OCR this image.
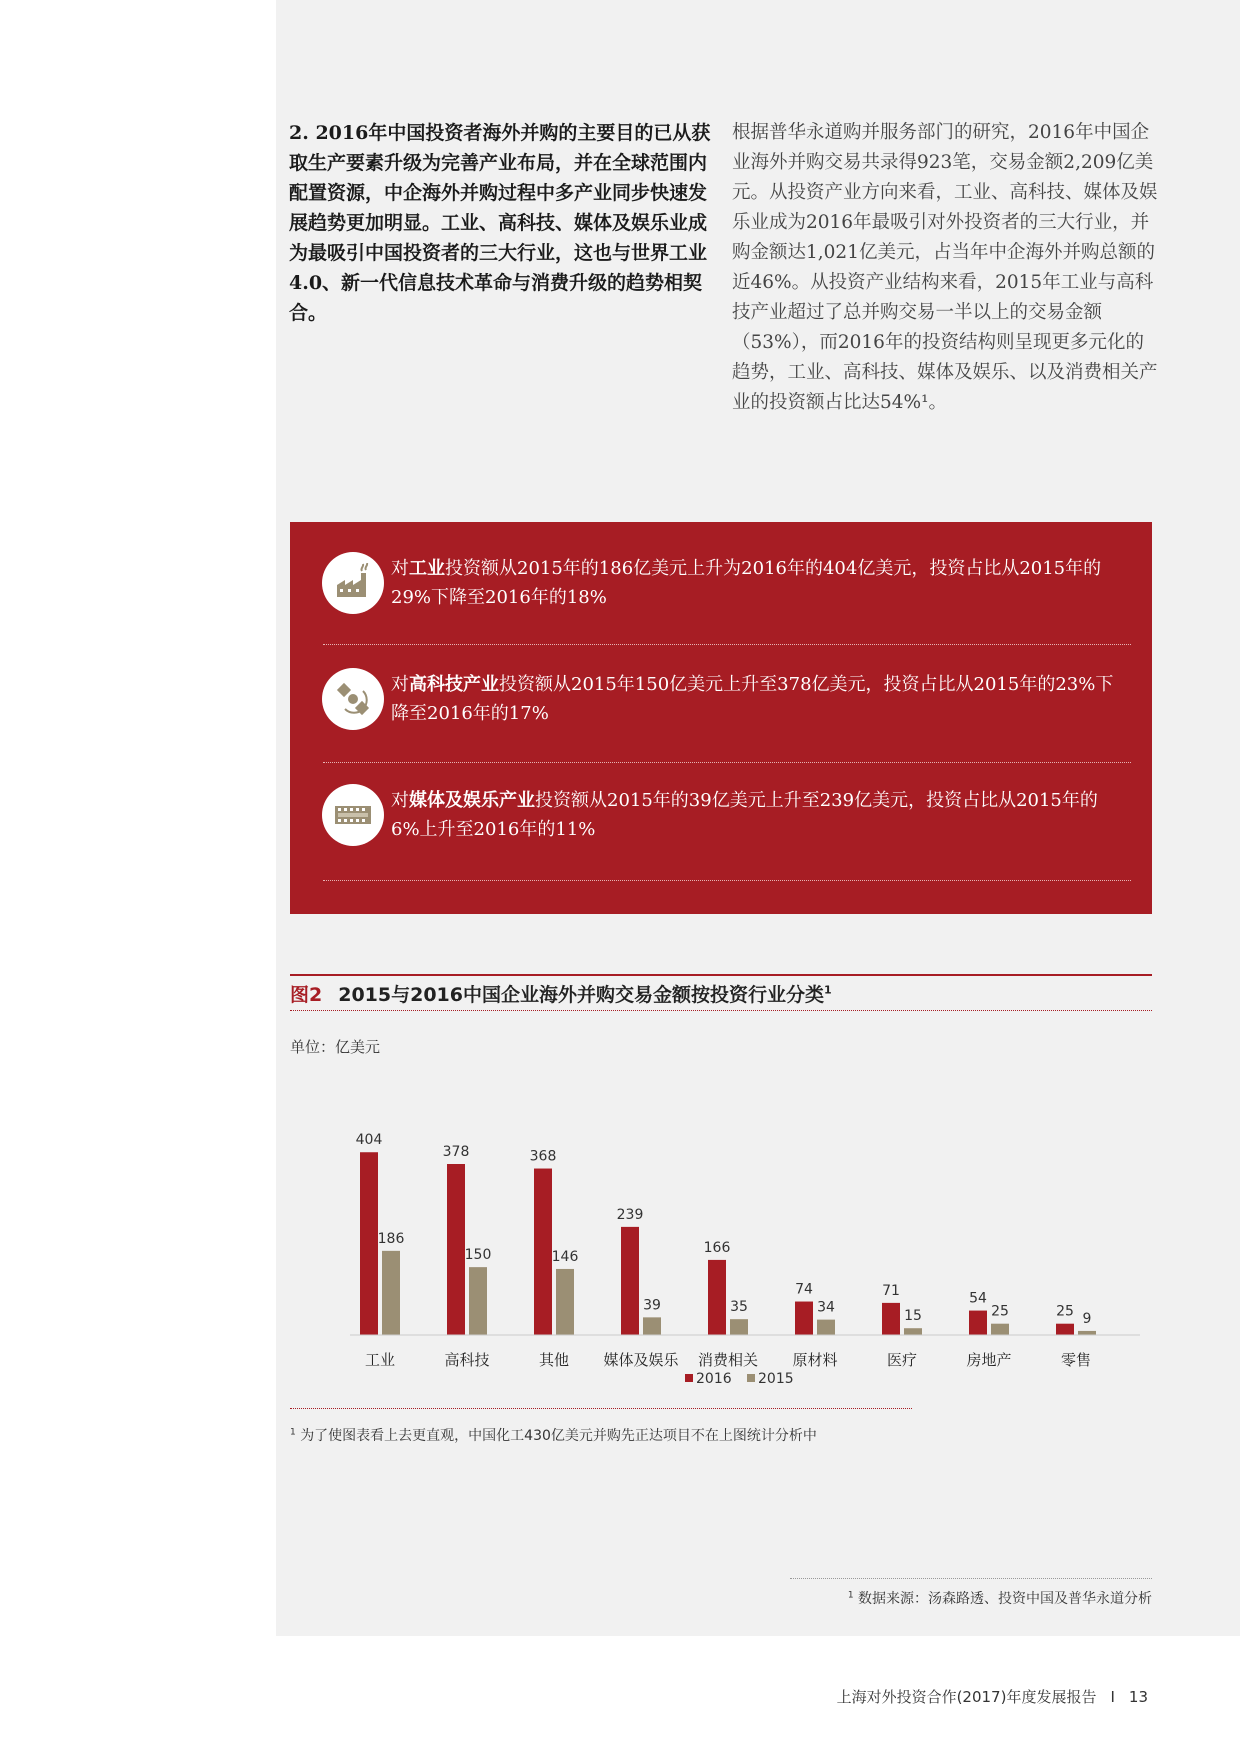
2. 2016年中国投资者海外并购的主要目的已从获取生产要素升级为完善产业布局，并在全球范围内配置资源，中企海外并购过程中多产业同步快速发展趋势更加明显。工业、高科技、媒体及娱乐业成为最吸引中国投资者的三大行业，这也与世界工业4.0、新一代信息技术革命与消费升级的趋势相契合。

根据普华永道购并服务部门的研究，2016年中国企业海外并购交易共录得923笔，交易金额2,209亿美元。从投资产业方向来看，工业、高科技、媒体及娱乐业成为2016年最吸引对外投资者的三大行业，并购金额达1,021亿美元，占当年中企海外并购总额的近46%。从投资产业结构来看，2015年工业与高科技产业超过了总并购交易一半以上的交易金额（53%），而2016年的投资结构则呈现更多元化的趋势，工业、高科技、媒体及娱乐、以及消费相关产业的投资额占比达54%¹。

对工业投资额从2015年的186亿美元上升为2016年的404亿美元，投资占比从2015年的29%下降至2016年的18%
对高科技产业投资额从2015年150亿美元上升至378亿美元，投资占比从2015年的23%下降至2016年的17%
对媒体及娱乐产业投资额从2015年的39亿美元上升至239亿美元，投资占比从2015年的6%上升至2016年的11%
图2 2015与2016中国企业海外并购交易金额按投资行业分类$^1$
单位：亿美元
404
186
工业
378
150
高科技
368
146
其他
239
39
媒体及娱乐
166
35
消费相关
74
34
原材料
71
15
医疗
54
25
房地产
25 9
零售
2016 2015
$^1$ 为了使图表看上去更直观，中国化工430亿美元并购先正达项目不在上图统计分析中
$^1$ 数据来源：汤森路透、投资中国及普华永道分析
上海对外投资合作(2017)年度发展报告 I 13
